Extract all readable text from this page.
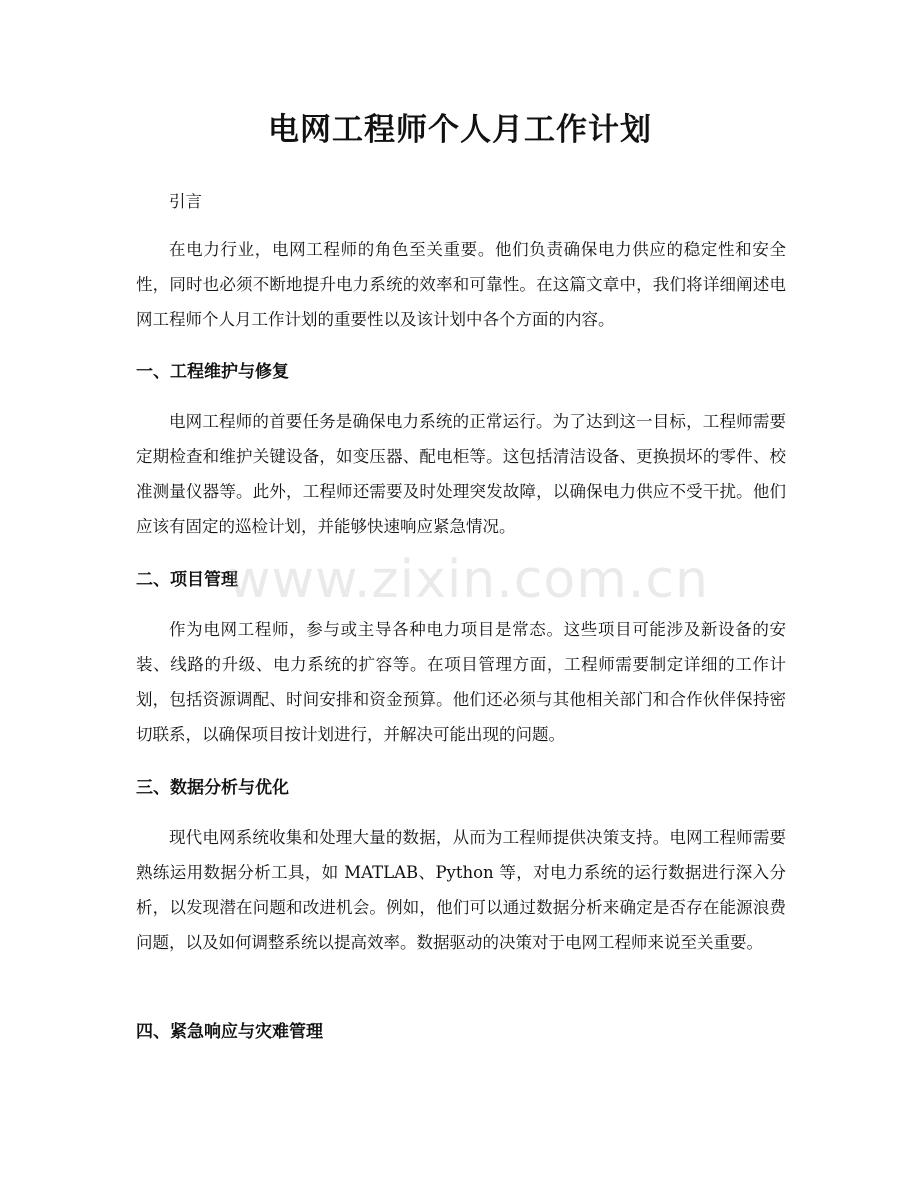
电网工程师个人月工作计划

引言

在电力行业，电网工程师的角色至关重要。他们负责确保电力供应的稳定性和安全性，同时也必须不断地提升电力系统的效率和可靠性。在这篇文章中，我们将详细阐述电网工程师个人月工作计划的重要性以及该计划中各个方面的内容。

一、工程维护与修复

电网工程师的首要任务是确保电力系统的正常运行。为了达到这一目标，工程师需要定期检查和维护关键设备，如变压器、配电柜等。这包括清洁设备、更换损坏的零件、校准测量仪器等。此外，工程师还需要及时处理突发故障，以确保电力供应不受干扰。他们应该有固定的巡检计划，并能够快速响应紧急情况。

二、项目管理

作为电网工程师，参与或主导各种电力项目是常态。这些项目可能涉及新设备的安装、线路的升级、电力系统的扩容等。在项目管理方面，工程师需要制定详细的工作计划，包括资源调配、时间安排和资金预算。他们还必须与其他相关部门和合作伙伴保持密切联系，以确保项目按计划进行，并解决可能出现的问题。

三、数据分析与优化

现代电网系统收集和处理大量的数据，从而为工程师提供决策支持。电网工程师需要熟练运用数据分析工具，如 MATLAB、Python 等，对电力系统的运行数据进行深入分析，以发现潜在问题和改进机会。例如，他们可以通过数据分析来确定是否存在能源浪费问题，以及如何调整系统以提高效率。数据驱动的决策对于电网工程师来说至关重要。

四、紧急响应与灾难管理
www.zixin.com.cn
